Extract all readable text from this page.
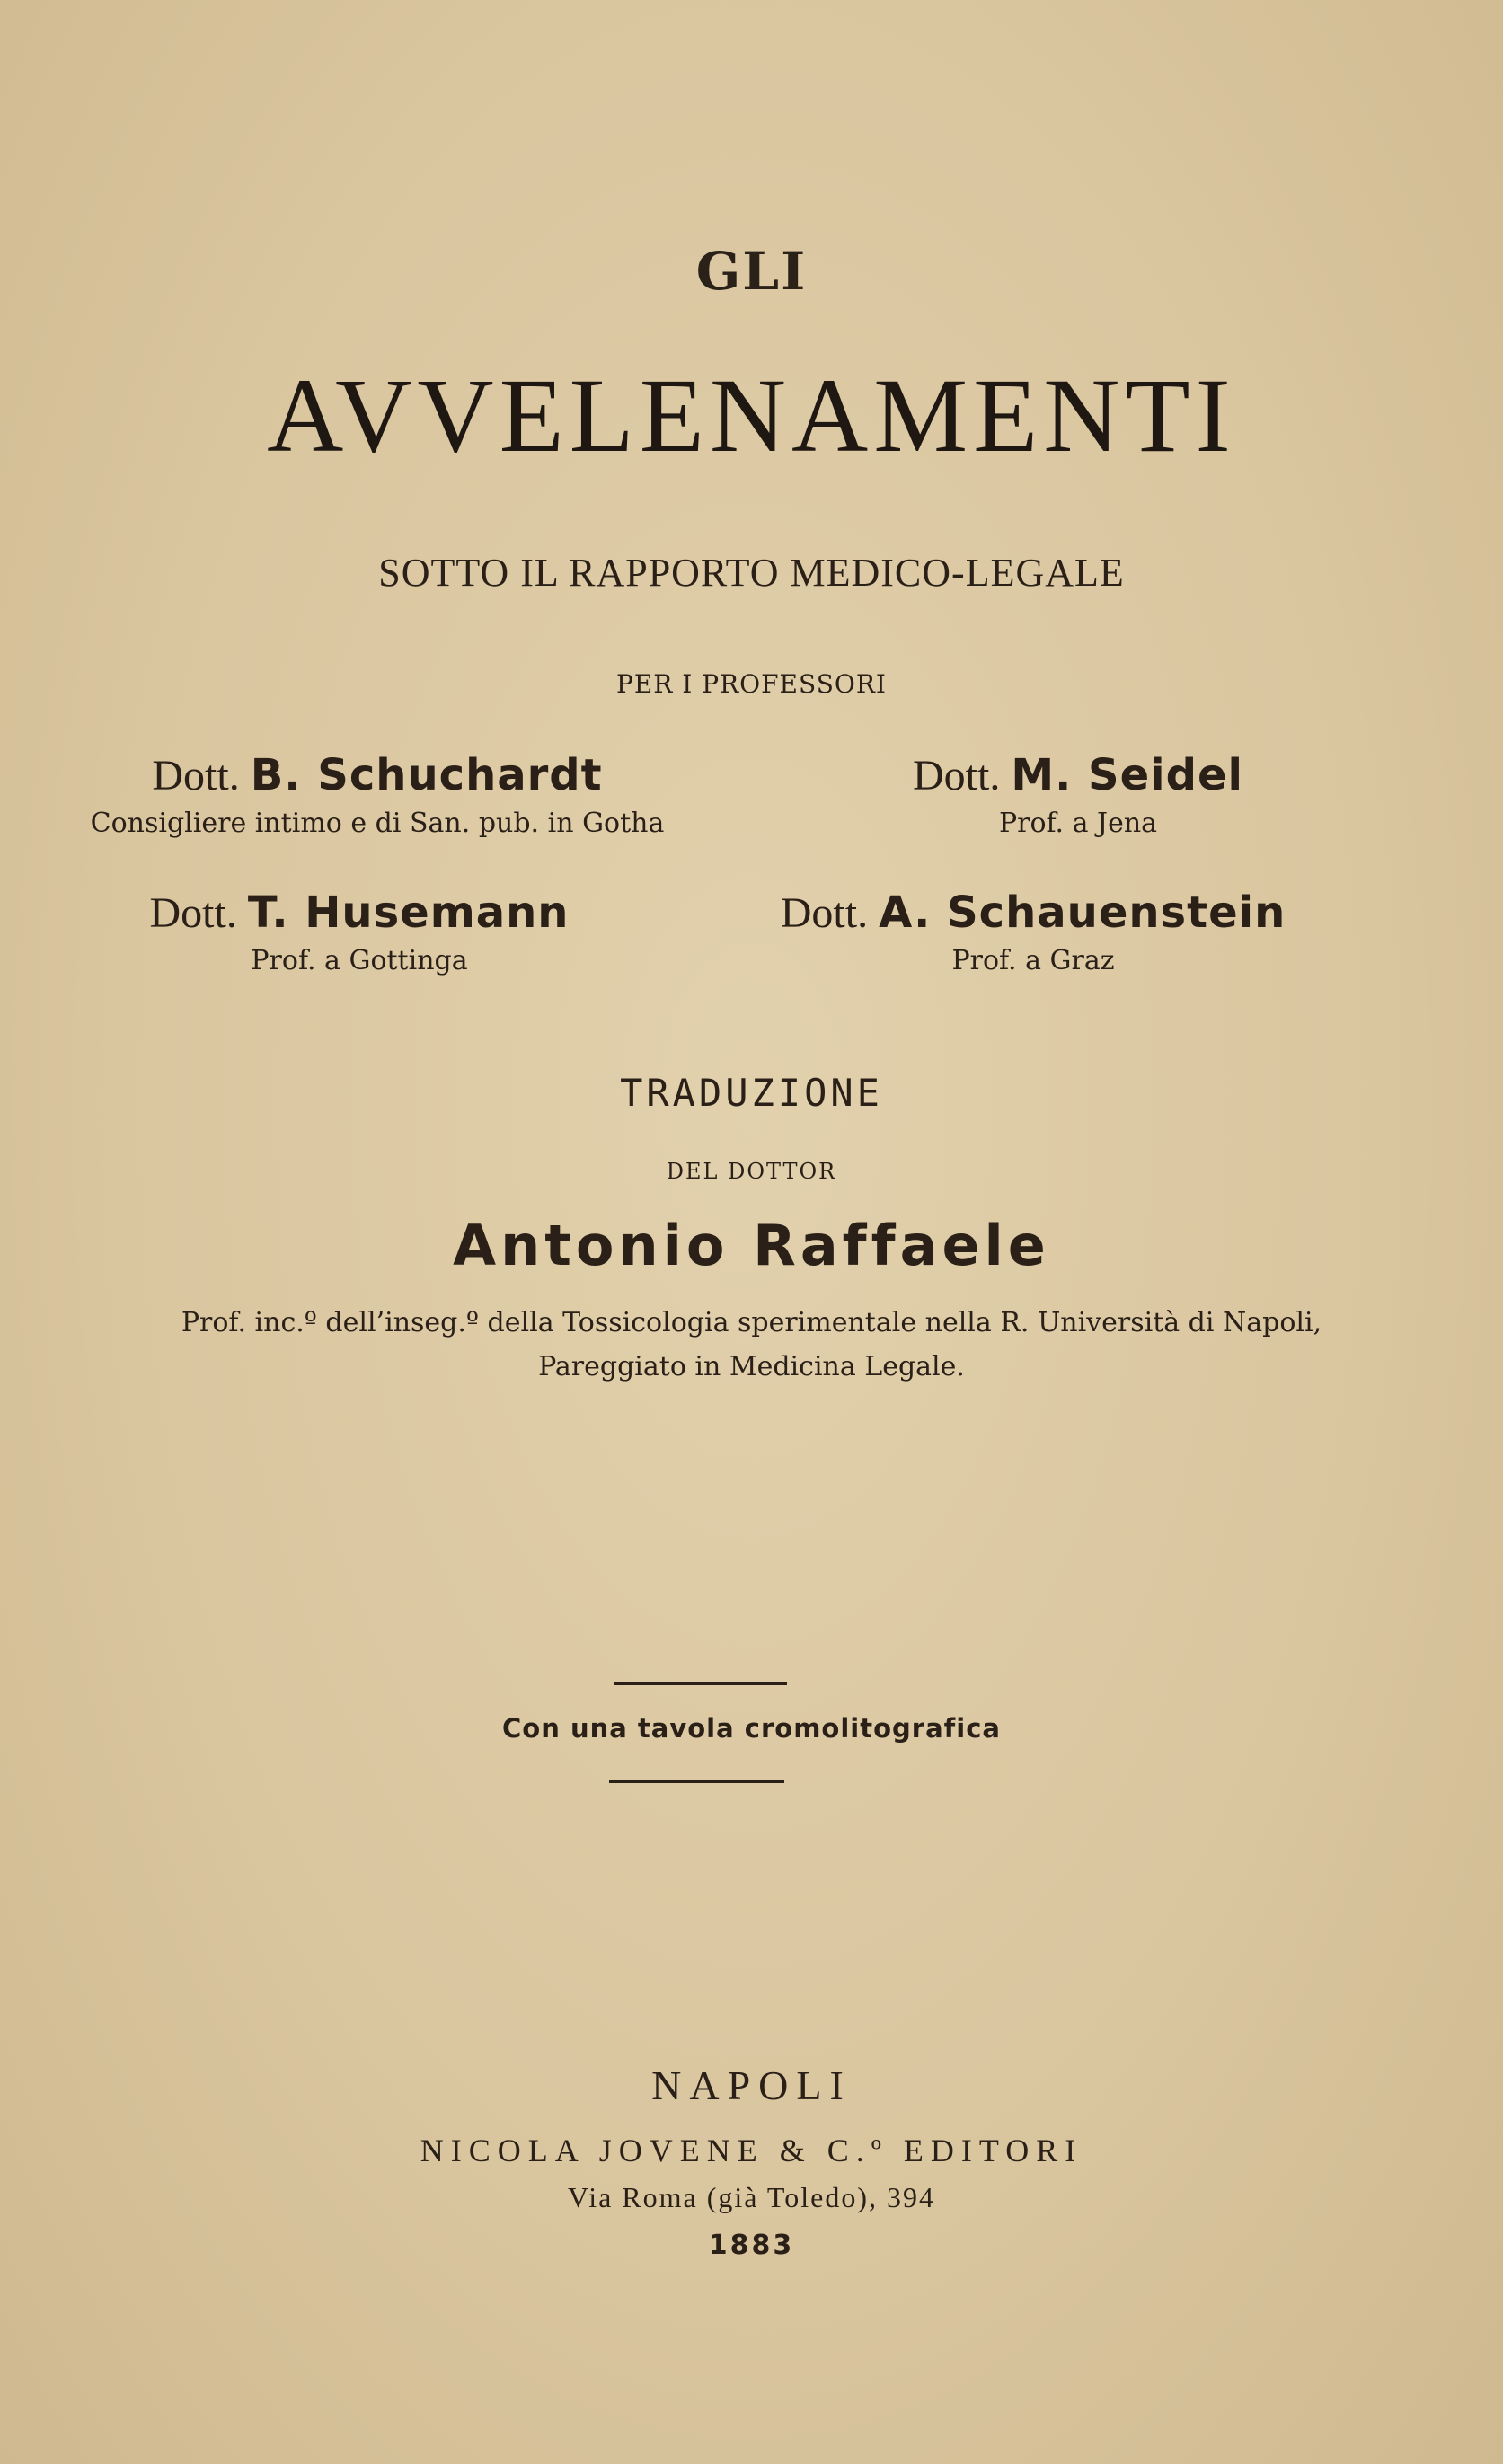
GLI
AVVELENAMENTI
SOTTO IL RAPPORTO MEDICO-LEGALE
PER I PROFESSORI
Dott. B. Schuchardt
Consigliere intimo e di San. pub. in Gotha
Dott. M. Seidel
Prof. a Jena
Dott. T. Husemann
Prof. a Gottinga
Dott. A. Schauenstein
Prof. a Graz
TRADUZIONE
DEL DOTTOR
Antonio Raffaele
Prof. inc.º dell’inseg.º della Tossicologia sperimentale nella R. Università di Napoli,
Pareggiato in Medicina Legale.
Con una tavola cromolitografica
NAPOLI
NICOLA JOVENE & C.º EDITORI
Via Roma (già Toledo), 394
1883
